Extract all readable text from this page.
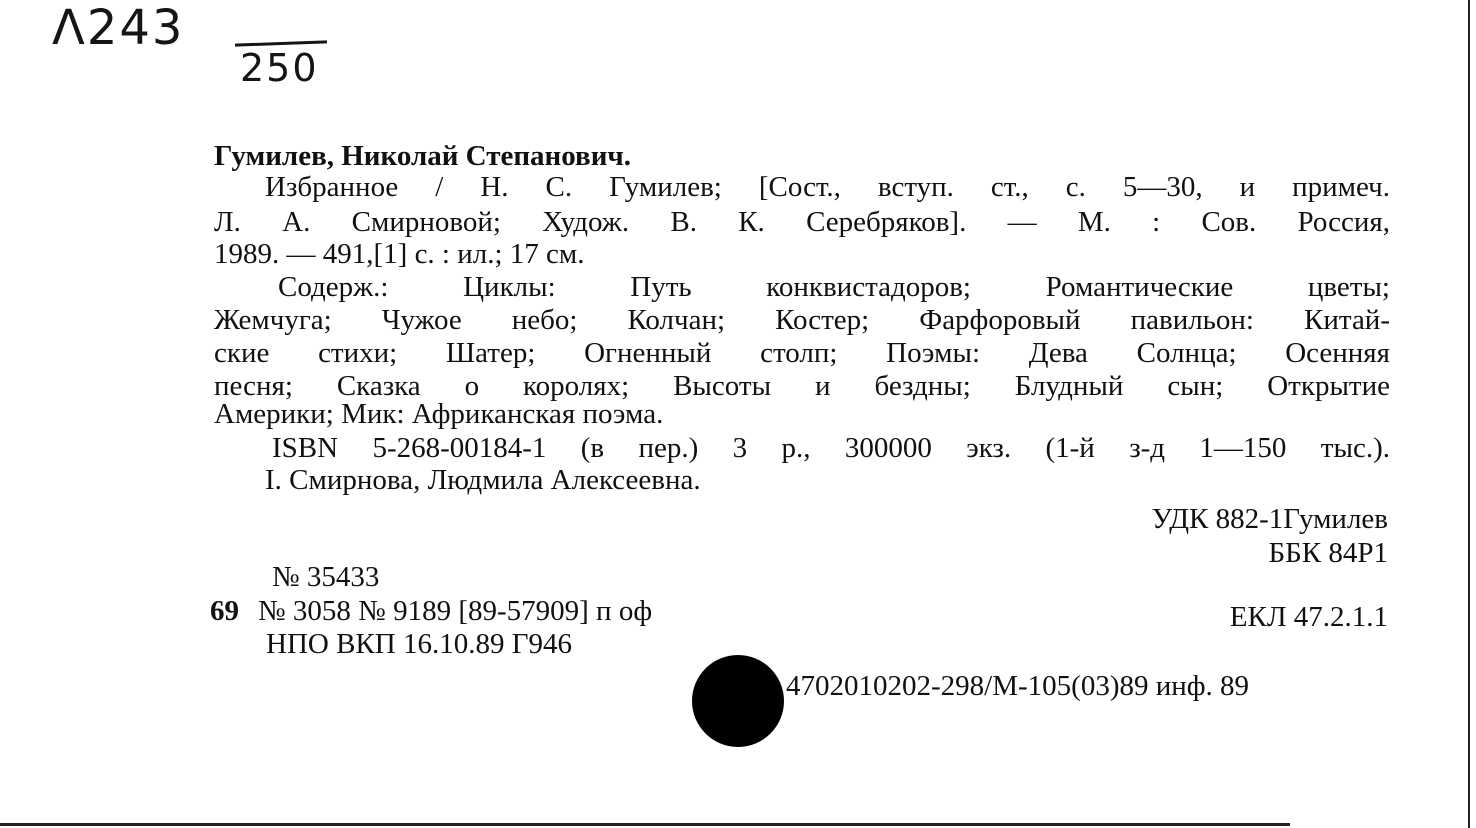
Λ243
250
Гумилев, Николай Степанович.
Избранное / Н. С. Гумилев; [Сост., вступ. ст., с. 5—30, и примеч.
Л. А. Смирновой; Худож. В. К. Серебряков]. — М. : Сов. Россия,
1989. — 491,[1] с. : ил.; 17 см.
Содерж.: Циклы: Путь конквистадоров; Романтические цветы;
Жемчуга; Чужое небо; Колчан; Костер; Фарфоровый павильон: Китай-
ские стихи; Шатер; Огненный столп; Поэмы: Дева Солнца; Осенняя
песня; Сказка о королях; Высоты и бездны; Блудный сын; Открытие
Америки; Мик: Африканская поэма.
ISBN 5-268-00184-1 (в пер.) 3 р., 300000 экз. (1-й з-д 1—150 тыс.).
I. Смирнова, Людмила Алексеевна.
УДК 882-1Гумилев
ББК 84Р1
№ 35433
69 № 3058 № 9189 [89-57909] п оф	ЕКЛ 47.2.1.1
НПО ВКП 16.10.89 Г946
4702010202-298/М-105(03)89 инф. 89
